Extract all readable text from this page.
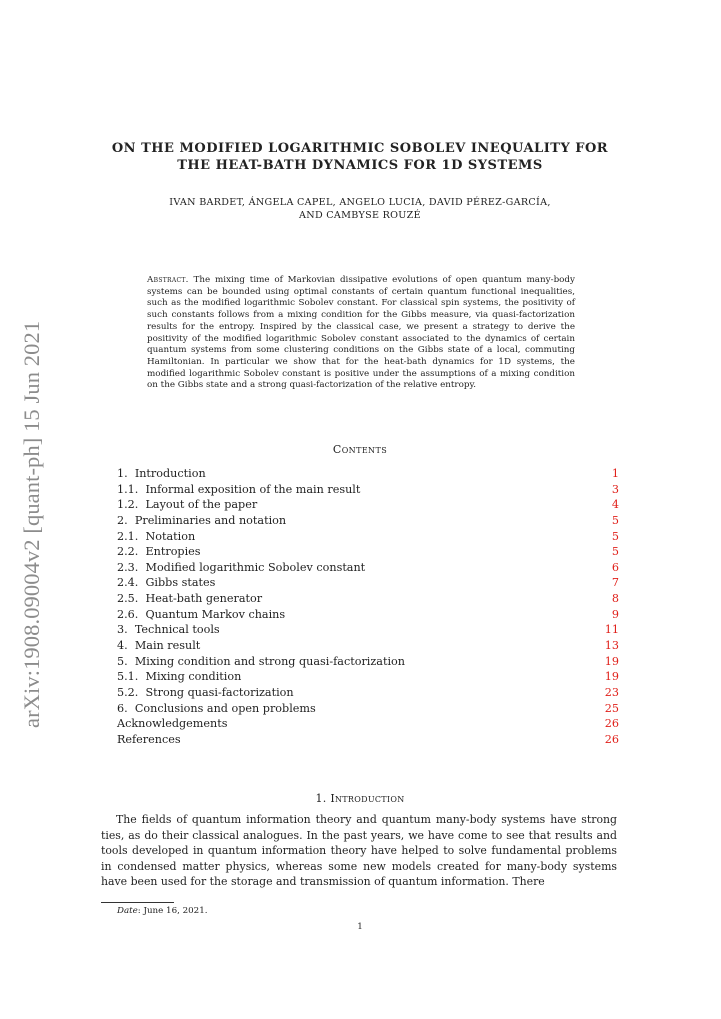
arXiv:1908.09004v2 [quant-ph] 15 Jun 2021
ON THE MODIFIED LOGARITHMIC SOBOLEV INEQUALITY FOR
THE HEAT-BATH DYNAMICS FOR 1D SYSTEMS
IVAN BARDET, ÁNGELA CAPEL, ANGELO LUCIA, DAVID PÉREZ-GARCÍA,
AND CAMBYSE ROUZÉ
Abstract. The mixing time of Markovian dissipative evolutions of open quantum many-body systems can be bounded using optimal constants of certain quantum functional inequalities, such as the modified logarithmic Sobolev constant. For classical spin systems, the positivity of such constants follows from a mixing condition for the Gibbs measure, via quasi-factorization results for the entropy. Inspired by the classical case, we present a strategy to derive the positivity of the modified logarithmic Sobolev constant associated to the dynamics of certain quantum systems from some clustering conditions on the Gibbs state of a local, commuting Hamiltonian. In particular we show that for the heat-bath dynamics for 1D systems, the modified logarithmic Sobolev constant is positive under the assumptions of a mixing condition on the Gibbs state and a strong quasi-factorization of the relative entropy.
Contents
1. Introduction	1
1.1. Informal exposition of the main result	3
1.2. Layout of the paper	4
2. Preliminaries and notation	5
2.1. Notation	5
2.2. Entropies	5
2.3. Modified logarithmic Sobolev constant	6
2.4. Gibbs states	7
2.5. Heat-bath generator	8
2.6. Quantum Markov chains	9
3. Technical tools	11
4. Main result	13
5. Mixing condition and strong quasi-factorization	19
5.1. Mixing condition	19
5.2. Strong quasi-factorization	23
6. Conclusions and open problems	25
Acknowledgements	26
References	26
1. Introduction

The fields of quantum information theory and quantum many-body systems have strong ties, as do their classical analogues. In the past years, we have come to see that results and tools developed in quantum information theory have helped to solve fundamental problems in condensed matter physics, whereas some new models created for many-body systems have been used for the storage and transmission of quantum information. There

Date: June 16, 2021.
1
